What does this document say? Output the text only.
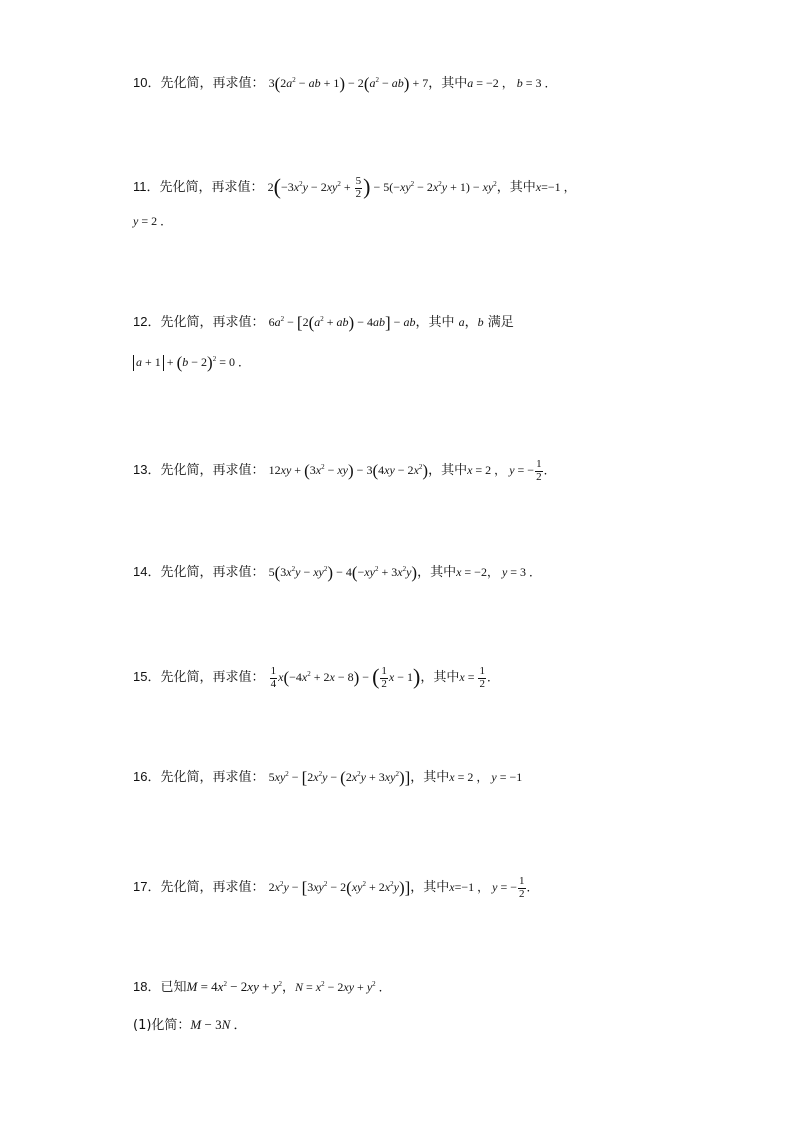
10．先化简，再求值： $3(2a^2$ − ab + $1) - 2(a^2 - ab) + 7$，其中a = −2 ， b = 3 ．
11．先化简，再求值： $2(-3x^2y - 2xy^2 + \frac{5}{2}$ ) − $5(-xy^2 - 2x^2y + 1) - xy^2$，其中x=−1 ，
y = 2 ．
12．先化简，再求值： $6a^2 - [2(a^2 + ab) - 4ab]$ − ab，其中 a，b 满足
$a + 1 + (b - 2)^2 = 0$ ．
13．先化简，再求值： $12xy + (3x^2 - xy) - 3(4xy - 2x^2)$，其中x = 2 ， y = − $\frac{1}{2}$ ．
14．先化简，再求值： $5(3x^2y - xy^2) - 4(-xy^2 + 3x^2y)$，其中x = −2， y = 3 ．
15．先化简，再求值： $\frac{1}{4} x(-4x^2 + 2x - 8)$ − ( $\frac{1}{2}$ x − 1)，其中$x = \frac{1}{2}$ ．
16．先化简，再求值： $5xy^2 - [2x^2y - (2x^2y + 3xy^2)]$，其中x = 2 ， y = −1
17．先化简，再求值： $2x^2y - [3xy^2 - 2(xy^2 + 2x^2y)]$，其中x=−1 ， y = − $\frac{1}{2}$ ．
18．已知$M = 4x^2 - 2xy + y^2$，$N = x^2 - 2xy + y^2$ ．
(1)化简：M − 3N ．
